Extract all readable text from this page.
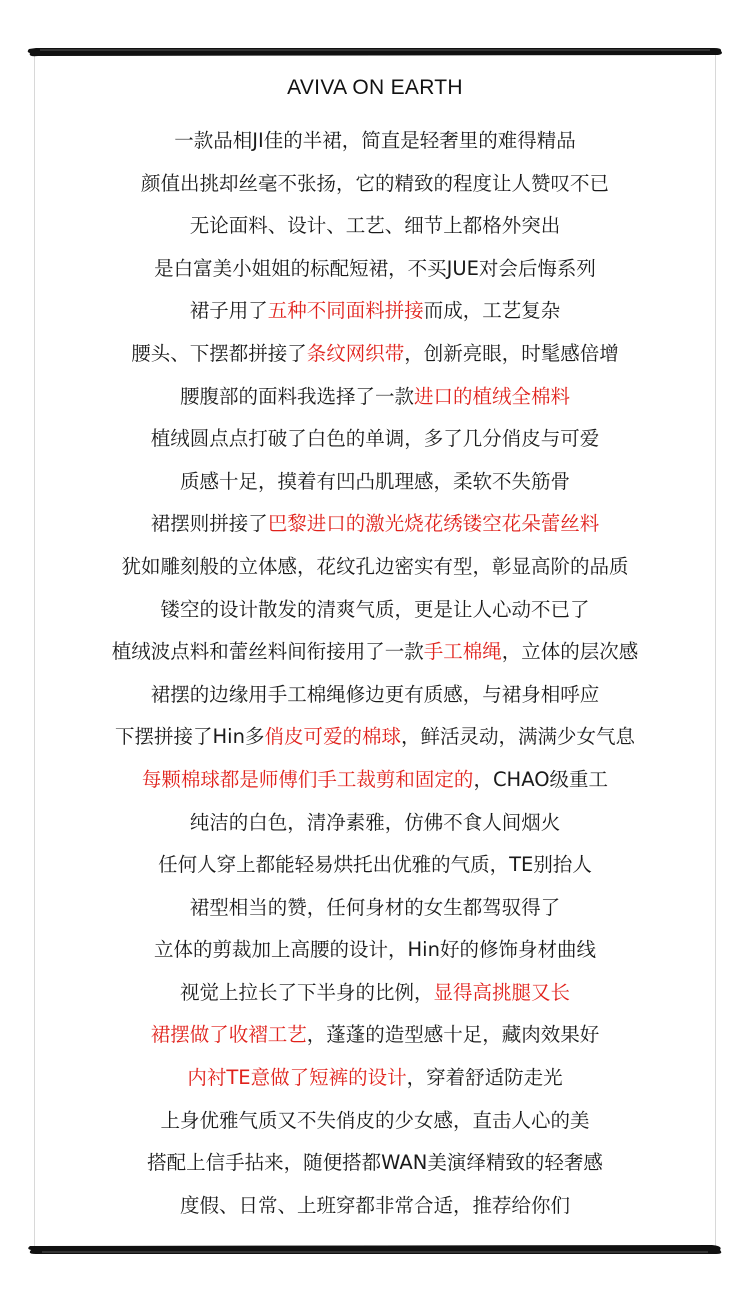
AVIVA ON EARTH
一款品相JI佳的半裙，简直是轻奢里的难得精品
颜值出挑却丝毫不张扬，它的精致的程度让人赞叹不已
无论面料、设计、工艺、细节上都格外突出
是白富美小姐姐的标配短裙，不买JUE对会后悔系列
裙子用了五种不同面料拼接而成，工艺复杂
腰头、下摆都拼接了条纹网织带，创新亮眼，时髦感倍增
腰腹部的面料我选择了一款进口的植绒全棉料
植绒圆点点打破了白色的单调，多了几分俏皮与可爱
质感十足，摸着有凹凸肌理感，柔软不失筋骨
裙摆则拼接了巴黎进口的激光烧花绣镂空花朵蕾丝料
犹如雕刻般的立体感，花纹孔边密实有型，彰显高阶的品质
镂空的设计散发的清爽气质，更是让人心动不已了
植绒波点料和蕾丝料间衔接用了一款手工棉绳，立体的层次感
裙摆的边缘用手工棉绳修边更有质感，与裙身相呼应
下摆拼接了Hin多俏皮可爱的棉球，鲜活灵动，满满少女气息
每颗棉球都是师傅们手工裁剪和固定的，CHAO级重工
纯洁的白色，清净素雅，仿佛不食人间烟火
任何人穿上都能轻易烘托出优雅的气质，TE别抬人
裙型相当的赞，任何身材的女生都驾驭得了
立体的剪裁加上高腰的设计，Hin好的修饰身材曲线
视觉上拉长了下半身的比例，显得高挑腿又长
裙摆做了收褶工艺，蓬蓬的造型感十足，藏肉效果好
内衬TE意做了短裤的设计，穿着舒适防走光
上身优雅气质又不失俏皮的少女感，直击人心的美
搭配上信手拈来，随便搭都WAN美演绎精致的轻奢感
度假、日常、上班穿都非常合适，推荐给你们
